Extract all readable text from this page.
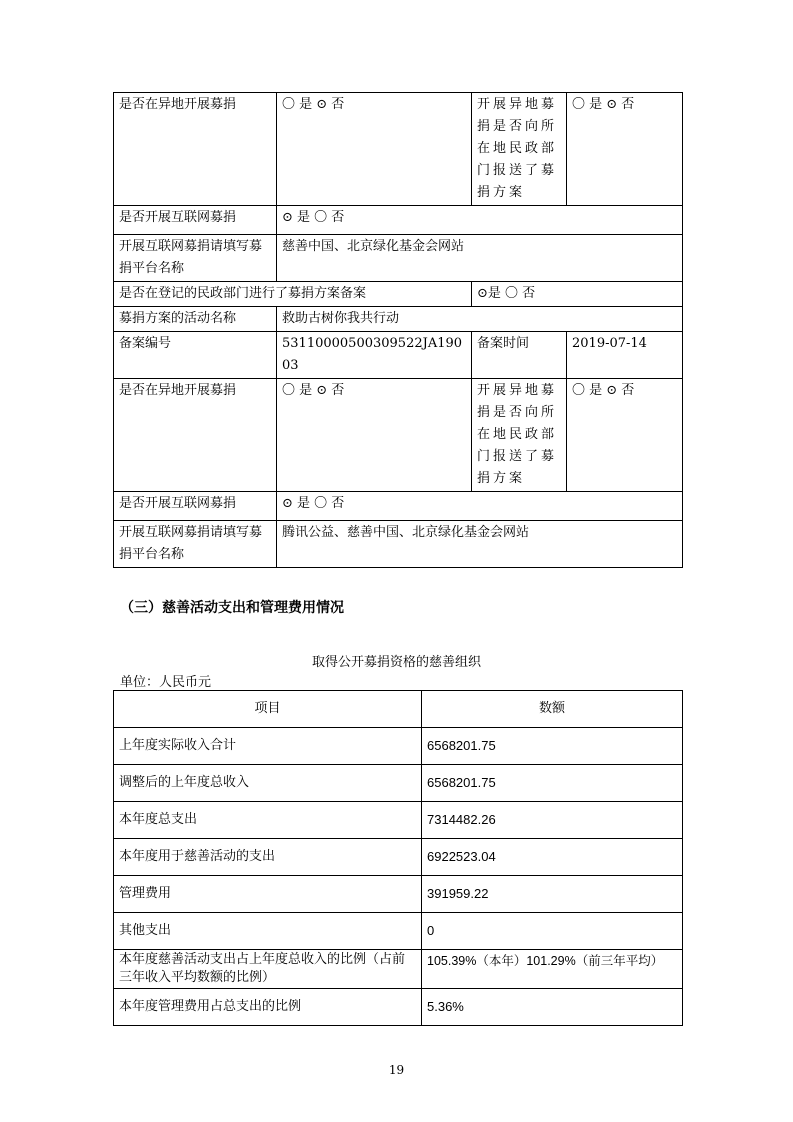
是否在异地开展募捐	〇 是 ⊙ 否	开展异地募捐是否向所在地民政部门报送了募捐方案	〇 是 ⊙ 否
是否开展互联网募捐	⊙ 是 〇 否		
开展互联网募捐请填写募捐平台名称	慈善中国、北京绿化基金会网站		
是否在登记的民政部门进行了募捐方案备案		⊙是 〇 否	
募捐方案的活动名称	救助古树你我共行动		
备案编号	53110000500309522JA19003	备案时间	2019-07-14
是否在异地开展募捐	〇 是 ⊙ 否	开展异地募捐是否向所在地民政部门报送了募捐方案	〇 是 ⊙ 否
是否开展互联网募捐	⊙ 是 〇 否		
开展互联网募捐请填写募捐平台名称	腾讯公益、慈善中国、北京绿化基金会网站		
（三）慈善活动支出和管理费用情况
取得公开募捐资格的慈善组织
单位：人民币元
项目	数额
上年度实际收入合计	6568201.75
调整后的上年度总收入	6568201.75
本年度总支出	7314482.26
本年度用于慈善活动的支出	6922523.04
管理费用	391959.22
其他支出	0
本年度慈善活动支出占上年度总收入的比例（占前三年收入平均数额的比例）	105.39%（本年）101.29%（前三年平均）
本年度管理费用占总支出的比例	5.36%
19
